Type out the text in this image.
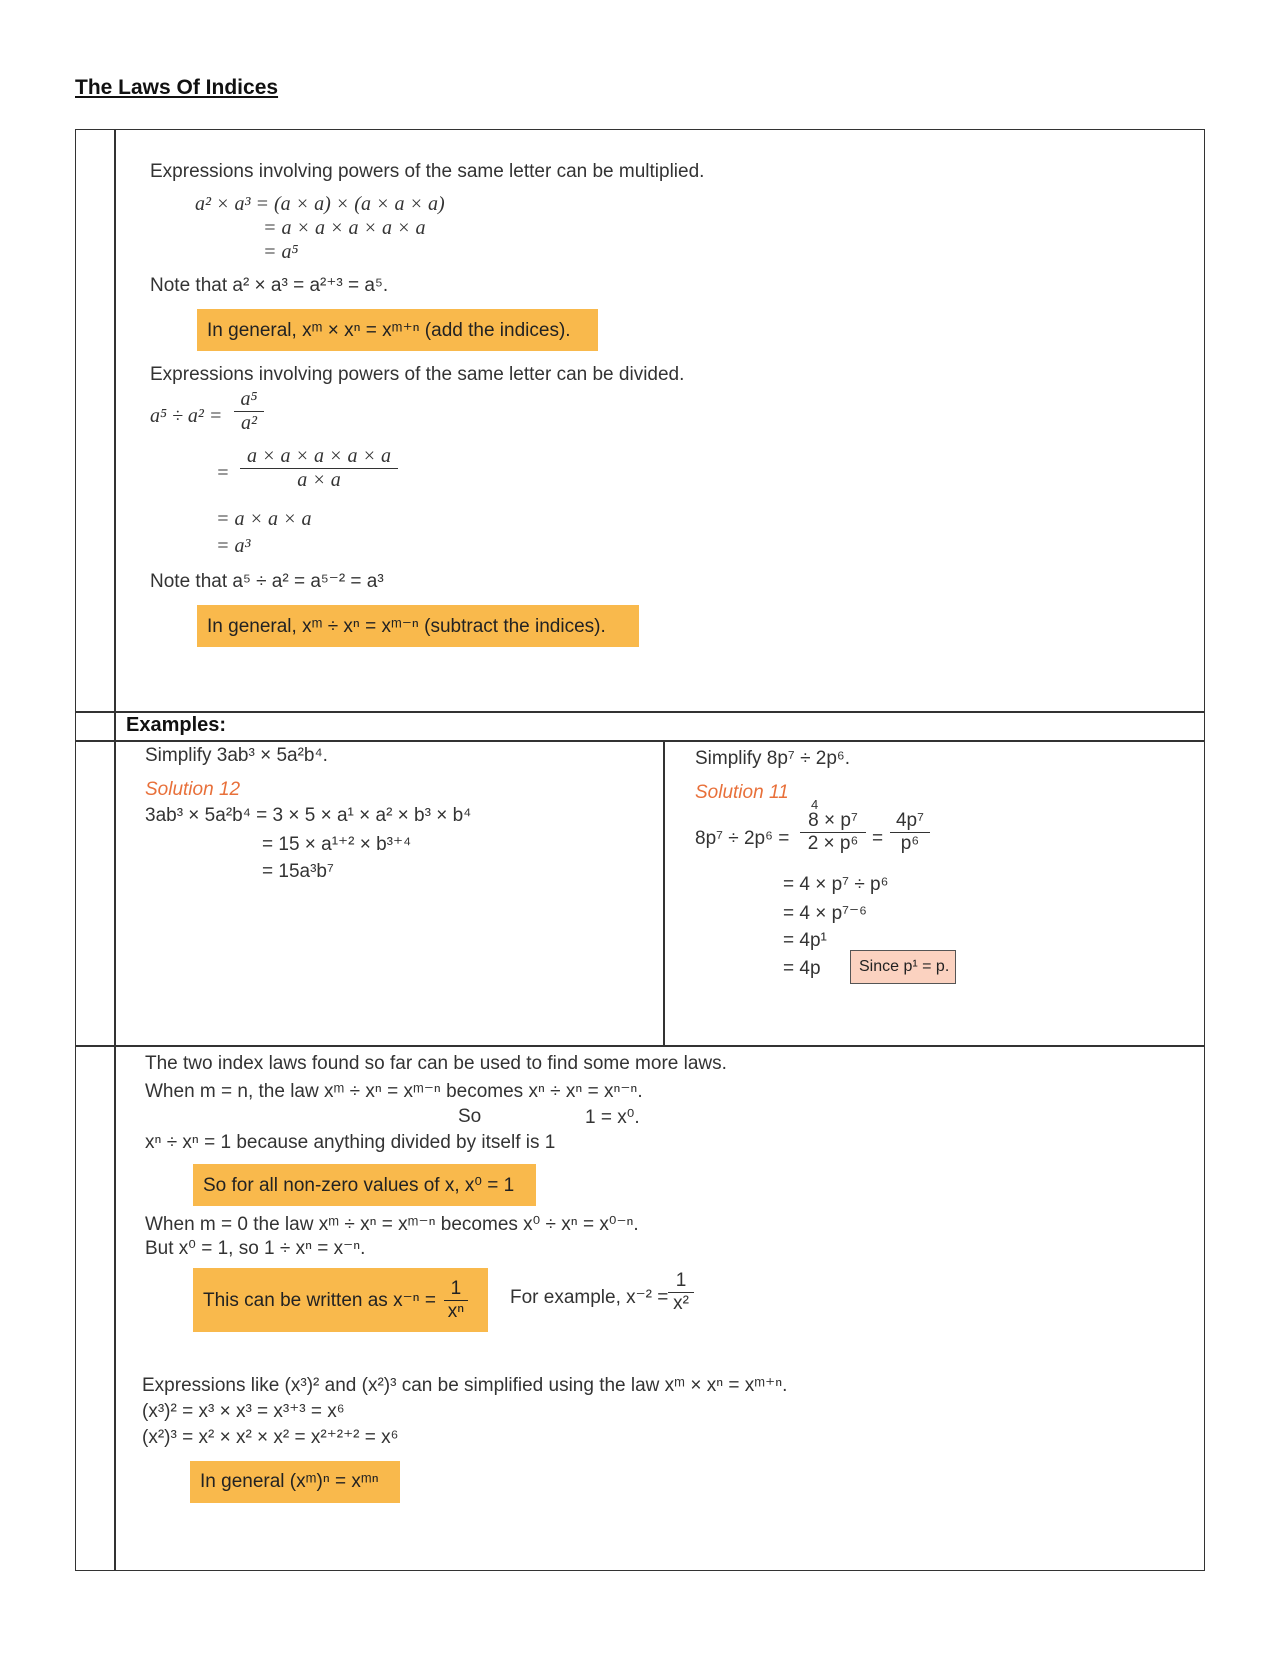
The Laws Of Indices
Expressions involving powers of the same letter can be multiplied.
a² × a³ = (a × a) × (a × a × a)
= a × a × a × a × a
= a⁵
Note that a² × a³ = a²⁺³ = a⁵.
In general, xᵐ × xⁿ = xᵐ⁺ⁿ (add the indices).
Expressions involving powers of the same letter can be divided.
$a^5 \div a^2 = \frac{\text{a⁵}}{\text{a²}}$
= $\frac{a \times a \times a \times a \times a}{a \times a}$
= a × a × a
= a³
Note that a⁵ ÷ a² = a⁵⁻² = a³
In general, xᵐ ÷ xⁿ = xᵐ⁻ⁿ (subtract the indices).
Examples:
Simplify 3ab³ × 5a²b⁴.
Solution 12
3ab³ × 5a²b⁴ = 3 × 5 × a¹ × a² × b³ × b⁴
= 15 × a¹⁺² × b³⁺⁴
= 15a³b⁷
Simplify 8p⁷ ÷ 2p⁶.
Solution 11
8p⁷ ÷ 2p⁶ =
4
$\frac{\text{8 × p⁷}}{\text{2 × p⁶}} = \frac{\text{4p⁷}}{\text{p⁶}}$
= 4 × p⁷ ÷ p⁶
= 4 × p⁷⁻⁶
= 4p¹
= 4p Since p¹ = p.
The two index laws found so far can be used to find some more laws.
When m = n, the law xᵐ ÷ xⁿ = xᵐ⁻ⁿ becomes xⁿ ÷ xⁿ = xⁿ⁻ⁿ.
So	1 = x⁰.
xⁿ ÷ xⁿ = 1 because anything divided by itself is 1
So for all non-zero values of x, x⁰ = 1
When m = 0 the law xᵐ ÷ xⁿ = xᵐ⁻ⁿ becomes x⁰ ÷ xⁿ = x⁰⁻ⁿ.
But x⁰ = 1, so 1 ÷ xⁿ = x⁻ⁿ.
This can be written as $x^{-n} = \frac{1}{\text{xⁿ}}$ For example, $x^{-2} = \frac{1}{\text{x²}}$
Expressions like (x³)² and (x²)³ can be simplified using the law xᵐ × xⁿ = xᵐ⁺ⁿ.
(x³)² = x³ × x³ = x³⁺³ = x⁶
(x²)³ = x² × x² × x² = x²⁺²⁺² = x⁶
In general (xᵐ)ⁿ = xᵐⁿ
